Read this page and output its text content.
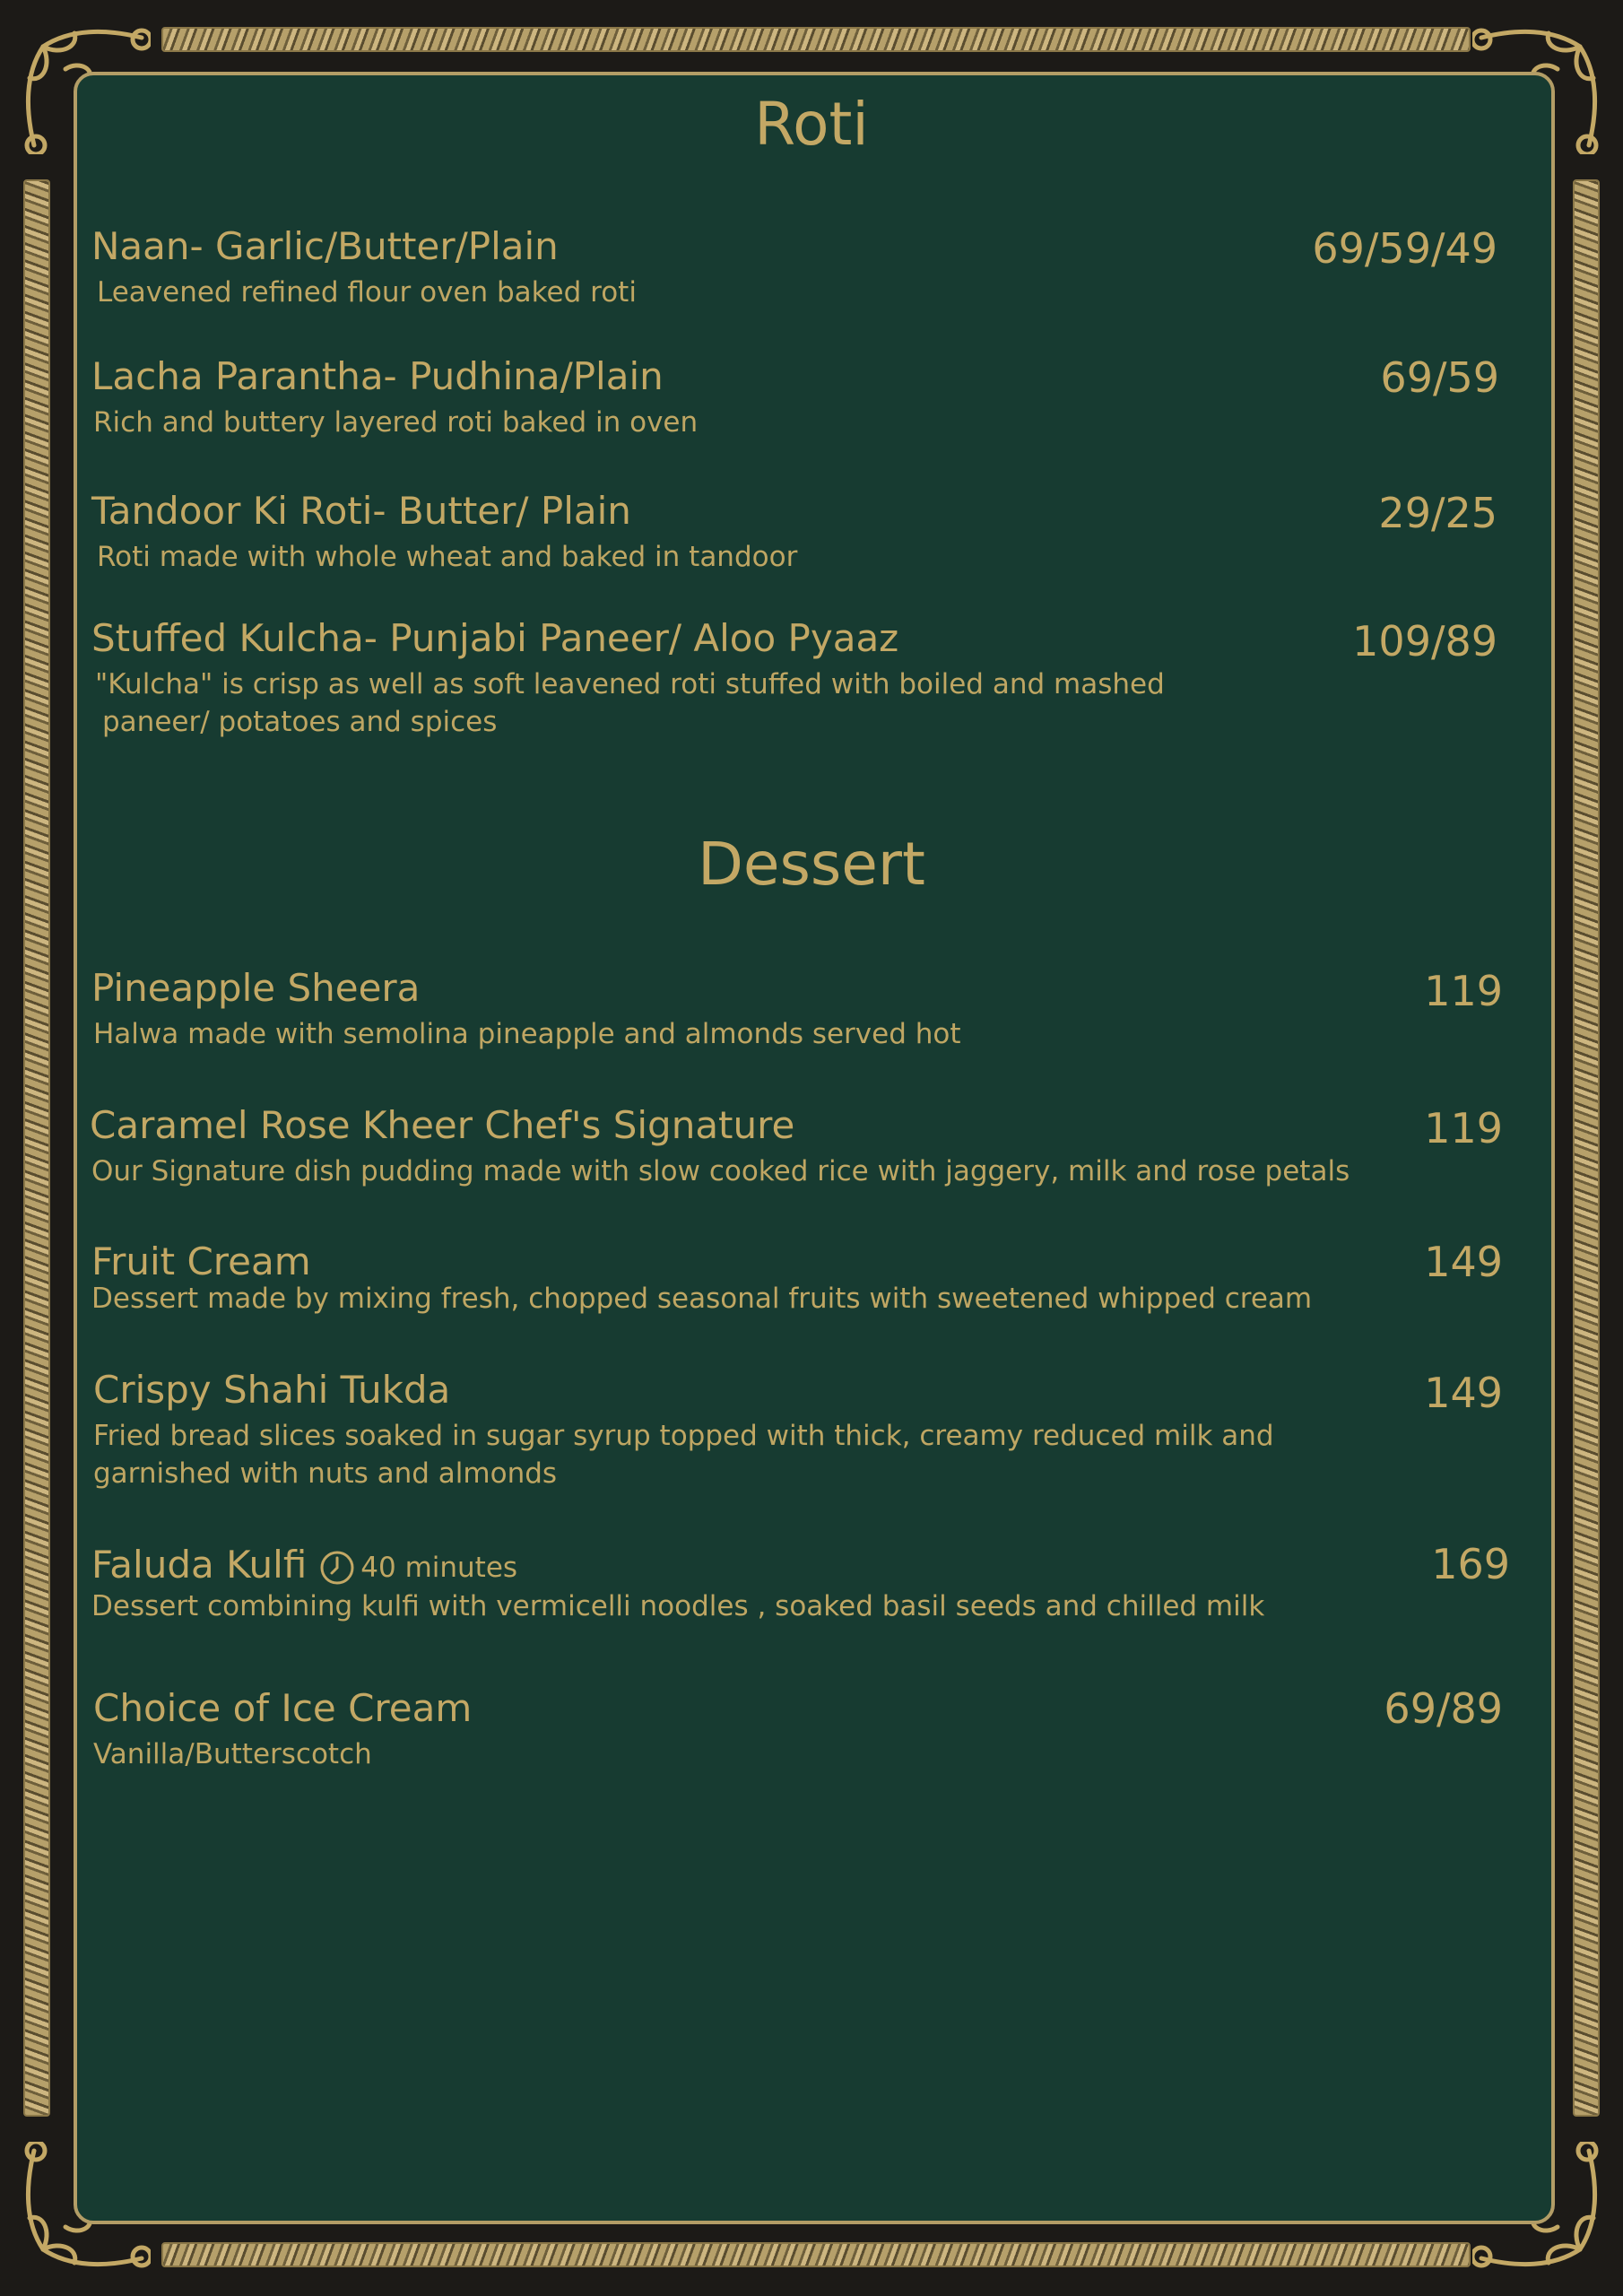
Roti
Naan- Garlic/Butter/Plain
Leavened refined flour oven baked roti
69/59/49
Lacha Parantha- Pudhina/Plain
Rich and buttery layered roti baked in oven
69/59
Tandoor Ki Roti- Butter/ Plain
Roti made with whole wheat and baked in tandoor
29/25
Stuffed Kulcha- Punjabi Paneer/ Aloo Pyaaz
"Kulcha" is crisp as well as soft leavened roti stuffed with boiled and mashed
paneer/ potatoes and spices
109/89
Dessert
Pineapple Sheera
Halwa made with semolina pineapple and almonds served hot
119
Caramel Rose Kheer Chef's Signature
Our Signature dish pudding made with slow cooked rice with jaggery, milk and rose petals
119
Fruit Cream
Dessert made by mixing fresh, chopped seasonal fruits with sweetened whipped cream
149
Crispy Shahi Tukda
Fried bread slices soaked in sugar syrup topped with thick, creamy reduced milk and
garnished with nuts and almonds
149
Faluda Kulfi 40 minutes
Dessert combining kulfi with vermicelli noodles , soaked basil seeds and chilled milk
169
Choice of Ice Cream
Vanilla/Butterscotch
69/89
